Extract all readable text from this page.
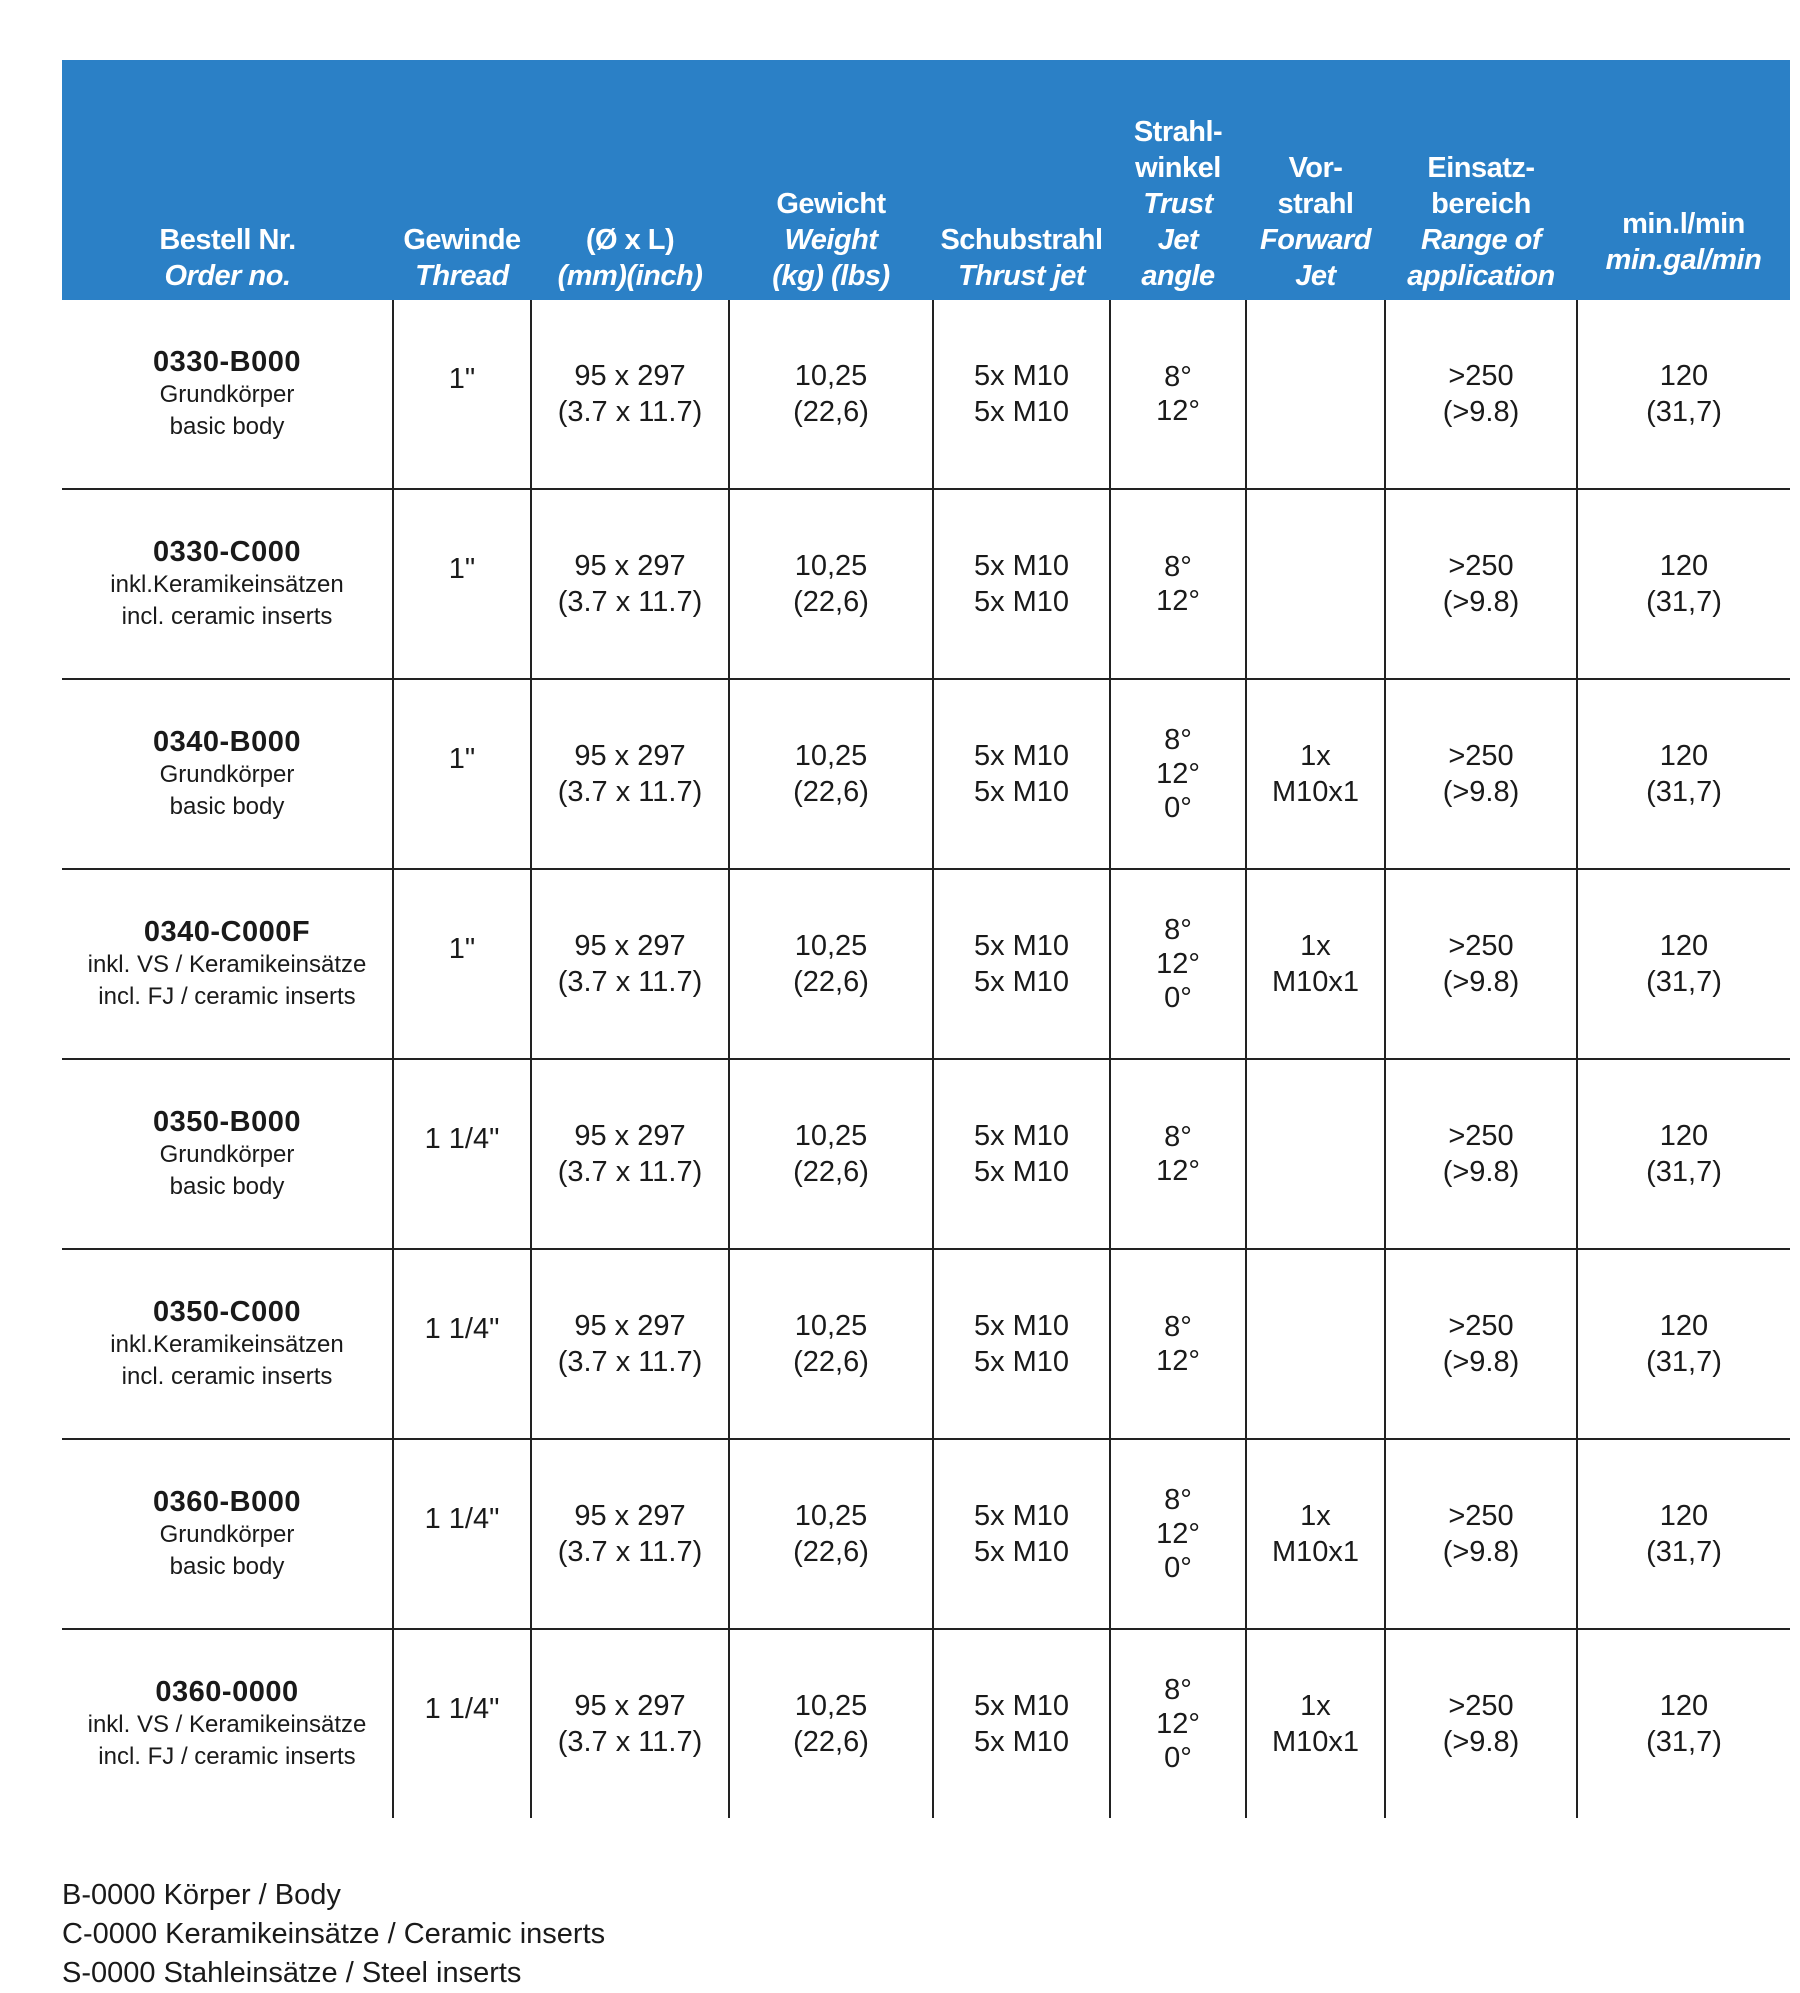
Bestell Nr.
Order no.	Gewinde
Thread	(Ø x L)
(mm)(inch)	Gewicht
Weight
(kg) (lbs)	Schubstrahl
Thrust jet	Strahl-
winkel
Trust
Jet
angle	Vor-
strahl
Forward
Jet	Einsatz-
bereich
Range of
application	min.l/min
min.gal/min

0330-B000
Grundkörper
basic body	1"	95 x 297
(3.7 x 11.7)	10,25
(22,6)	5x M10
5x M10	8°
12°		>250
(>9.8)	120
(31,7)

0330-C000
inkl.Keramikeinsätzen
incl. ceramic inserts	1"	95 x 297
(3.7 x 11.7)	10,25
(22,6)	5x M10
5x M10	8°
12°		>250
(>9.8)	120
(31,7)

0340-B000
Grundkörper
basic body	1"	95 x 297
(3.7 x 11.7)	10,25
(22,6)	5x M10
5x M10	8°
12°
0°	1x
M10x1	>250
(>9.8)	120
(31,7)

0340-C000F
inkl. VS / Keramikeinsätze
incl. FJ / ceramic inserts	1"	95 x 297
(3.7 x 11.7)	10,25
(22,6)	5x M10
5x M10	8°
12°
0°	1x
M10x1	>250
(>9.8)	120
(31,7)

0350-B000
Grundkörper
basic body	1 1/4"	95 x 297
(3.7 x 11.7)	10,25
(22,6)	5x M10
5x M10	8°
12°		>250
(>9.8)	120
(31,7)

0350-C000
inkl.Keramikeinsätzen
incl. ceramic inserts	1 1/4"	95 x 297
(3.7 x 11.7)	10,25
(22,6)	5x M10
5x M10	8°
12°		>250
(>9.8)	120
(31,7)

0360-B000
Grundkörper
basic body	1 1/4"	95 x 297
(3.7 x 11.7)	10,25
(22,6)	5x M10
5x M10	8°
12°
0°	1x
M10x1	>250
(>9.8)	120
(31,7)

0360-0000
inkl. VS / Keramikeinsätze
incl. FJ / ceramic inserts	1 1/4"	95 x 297
(3.7 x 11.7)	10,25
(22,6)	5x M10
5x M10	8°
12°
0°	1x
M10x1	>250
(>9.8)	120
(31,7)
B-0000 Körper / Body
C-0000 Keramikeinsätze / Ceramic inserts
S-0000 Stahleinsätze / Steel inserts
